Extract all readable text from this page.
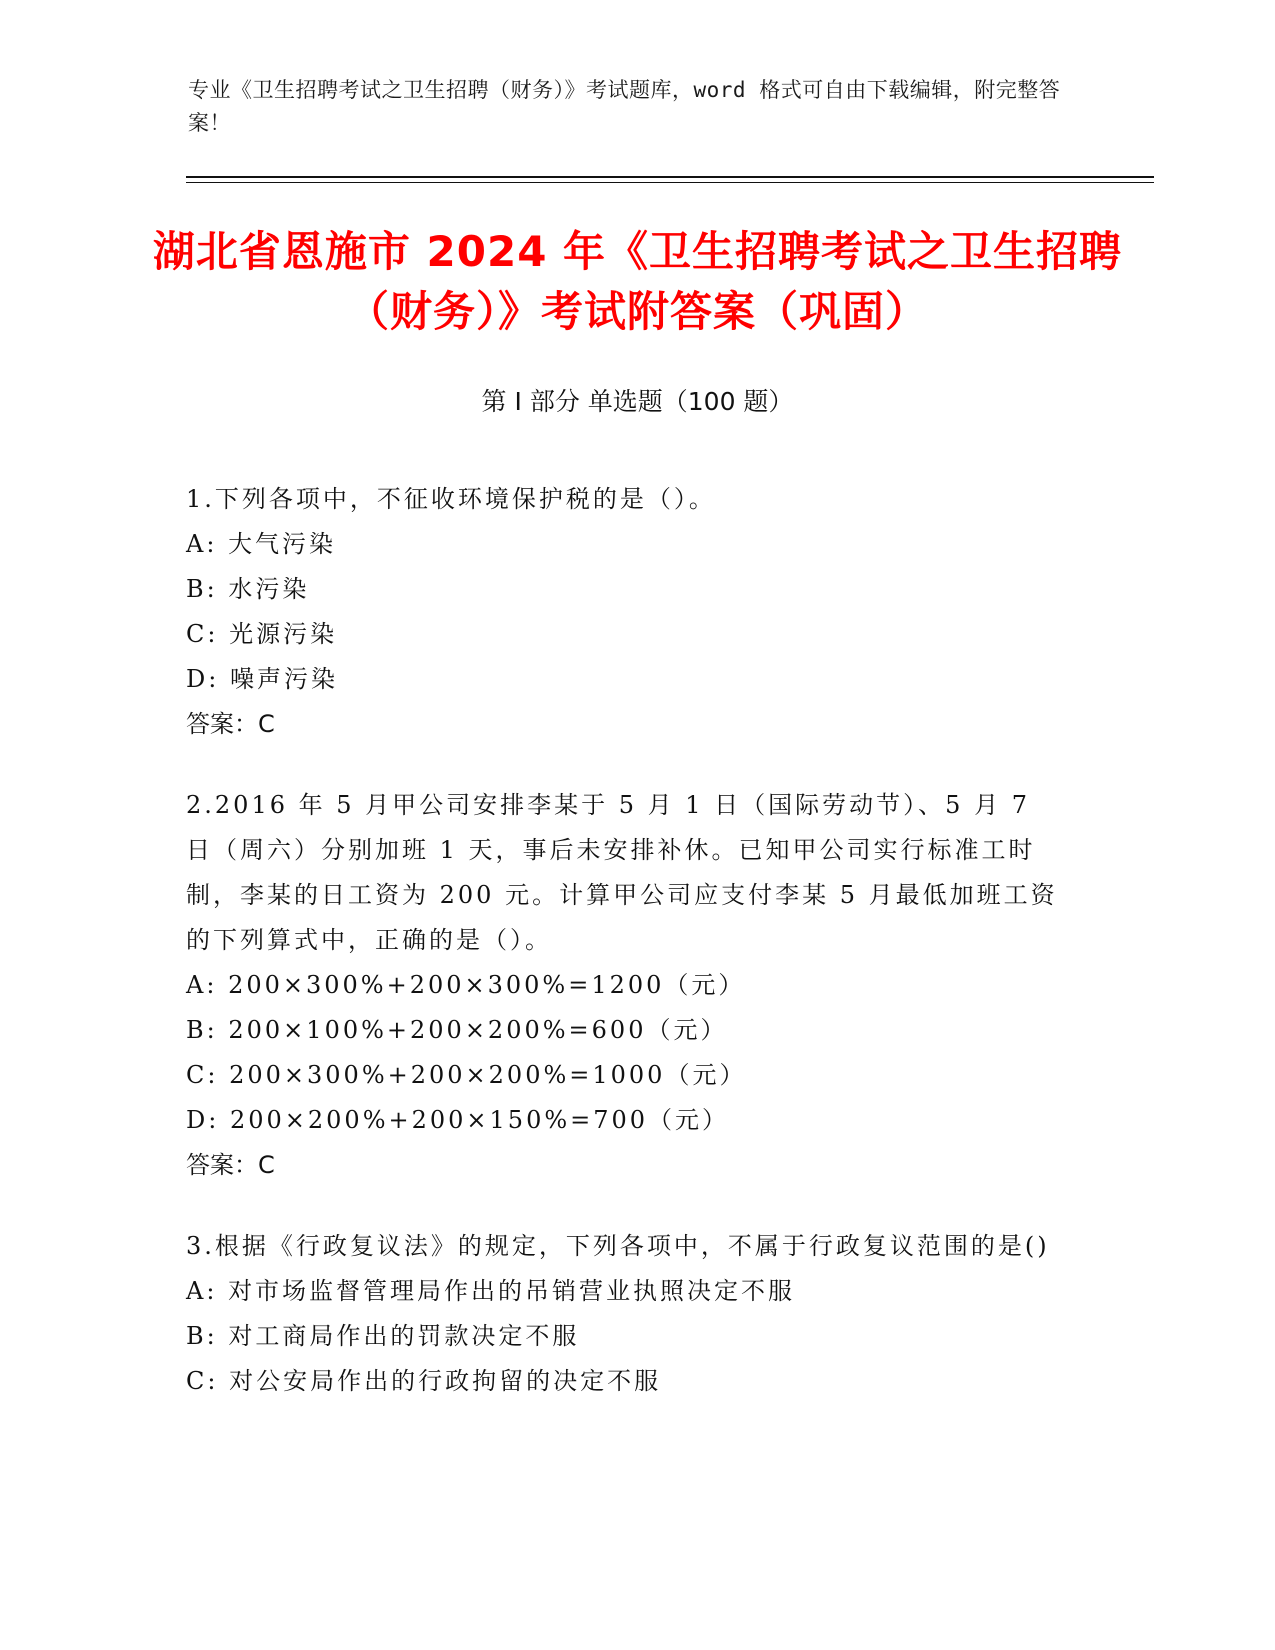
专业《卫生招聘考试之卫生招聘（财务）》考试题库，word 格式可自由下载编辑，附完整答案！
湖北省恩施市 2024 年《卫生招聘考试之卫生招聘（财务）》考试附答案（巩固）
第 I 部分 单选题（100 题）
1.下列各项中，不征收环境保护税的是（）。
A: 大气污染
B: 水污染
C: 光源污染
D: 噪声污染
答案：C
2.2016 年 5 月甲公司安排李某于 5 月 1 日（国际劳动节）、5 月 7 日（周六）分别加班 1 天，事后未安排补休。已知甲公司实行标准工时制，李某的日工资为 200 元。计算甲公司应支付李某 5 月最低加班工资的下列算式中，正确的是（）。
A: 200×300%+200×300%=1200（元）
B: 200×100%+200×200%=600（元）
C: 200×300%+200×200%=1000（元）
D: 200×200%+200×150%=700（元）
答案：C
3.根据《行政复议法》的规定，下列各项中，不属于行政复议范围的是()
A: 对市场监督管理局作出的吊销营业执照决定不服
B: 对工商局作出的罚款决定不服
C: 对公安局作出的行政拘留的决定不服
